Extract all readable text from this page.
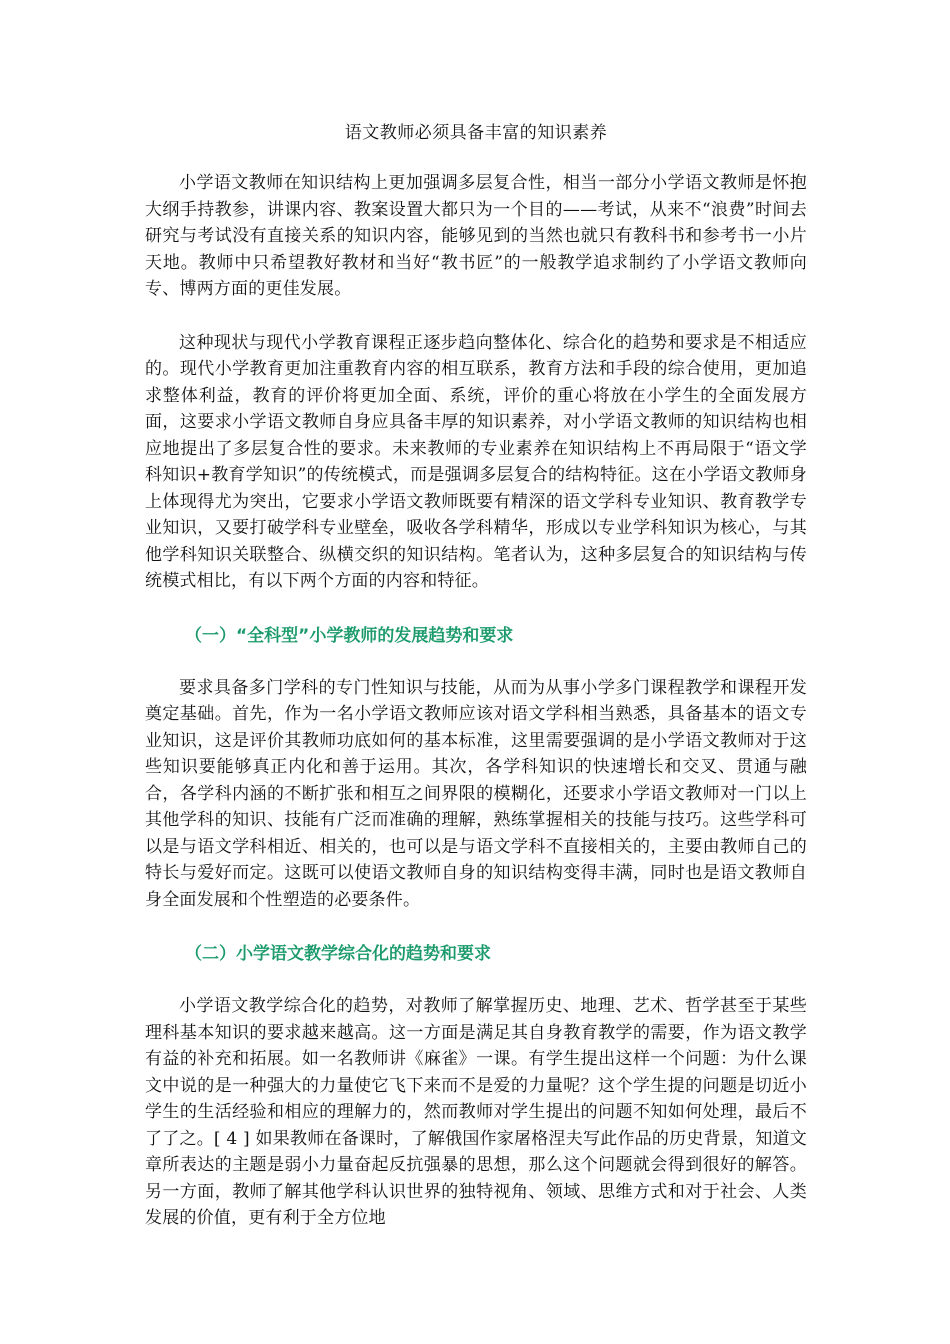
语文教师必须具备丰富的知识素养

小学语文教师在知识结构上更加强调多层复合性，相当一部分小学语文教师是怀抱大纲手持教参，讲课内容、教案设置大都只为一个目的——考试，从来不“浪费”时间去研究与考试没有直接关系的知识内容，能够见到的当然也就只有教科书和参考书一小片天地。教师中只希望教好教材和当好“教书匠”的一般教学追求制约了小学语文教师向专、博两方面的更佳发展。

这种现状与现代小学教育课程正逐步趋向整体化、综合化的趋势和要求是不相适应的。现代小学教育更加注重教育内容的相互联系，教育方法和手段的综合使用，更加追求整体利益，教育的评价将更加全面、系统，评价的重心将放在小学生的全面发展方面，这要求小学语文教师自身应具备丰厚的知识素养，对小学语文教师的知识结构也相应地提出了多层复合性的要求。未来教师的专业素养在知识结构上不再局限于“语文学科知识+教育学知识”的传统模式，而是强调多层复合的结构特征。这在小学语文教师身上体现得尤为突出，它要求小学语文教师既要有精深的语文学科专业知识、教育教学专业知识，又要打破学科专业壁垒，吸收各学科精华，形成以专业学科知识为核心，与其他学科知识关联整合、纵横交织的知识结构。笔者认为，这种多层复合的知识结构与传统模式相比，有以下两个方面的内容和特征。

（一）“全科型”小学教师的发展趋势和要求

要求具备多门学科的专门性知识与技能，从而为从事小学多门课程教学和课程开发奠定基础。首先，作为一名小学语文教师应该对语文学科相当熟悉，具备基本的语文专业知识，这是评价其教师功底如何的基本标准，这里需要强调的是小学语文教师对于这些知识要能够真正内化和善于运用。其次，各学科知识的快速增长和交叉、贯通与融合，各学科内涵的不断扩张和相互之间界限的模糊化，还要求小学语文教师对一门以上其他学科的知识、技能有广泛而准确的理解，熟练掌握相关的技能与技巧。这些学科可以是与语文学科相近、相关的，也可以是与语文学科不直接相关的，主要由教师自己的特长与爱好而定。这既可以使语文教师自身的知识结构变得丰满，同时也是语文教师自身全面发展和个性塑造的必要条件。

（二）小学语文教学综合化的趋势和要求

小学语文教学综合化的趋势，对教师了解掌握历史、地理、艺术、哲学甚至于某些理科基本知识的要求越来越高。这一方面是满足其自身教育教学的需要，作为语文教学有益的补充和拓展。如一名教师讲《麻雀》一课。有学生提出这样一个问题：为什么课文中说的是一种强大的力量使它飞下来而不是爱的力量呢？这个学生提的问题是切近小学生的生活经验和相应的理解力的，然而教师对学生提出的问题不知如何处理，最后不了了之。[ 4 ] 如果教师在备课时，了解俄国作家屠格涅夫写此作品的历史背景，知道文章所表达的主题是弱小力量奋起反抗强暴的思想，那么这个问题就会得到很好的解答。另一方面，教师了解其他学科认识世界的独特视角、领域、思维方式和对于社会、人类发展的价值，更有利于全方位地
